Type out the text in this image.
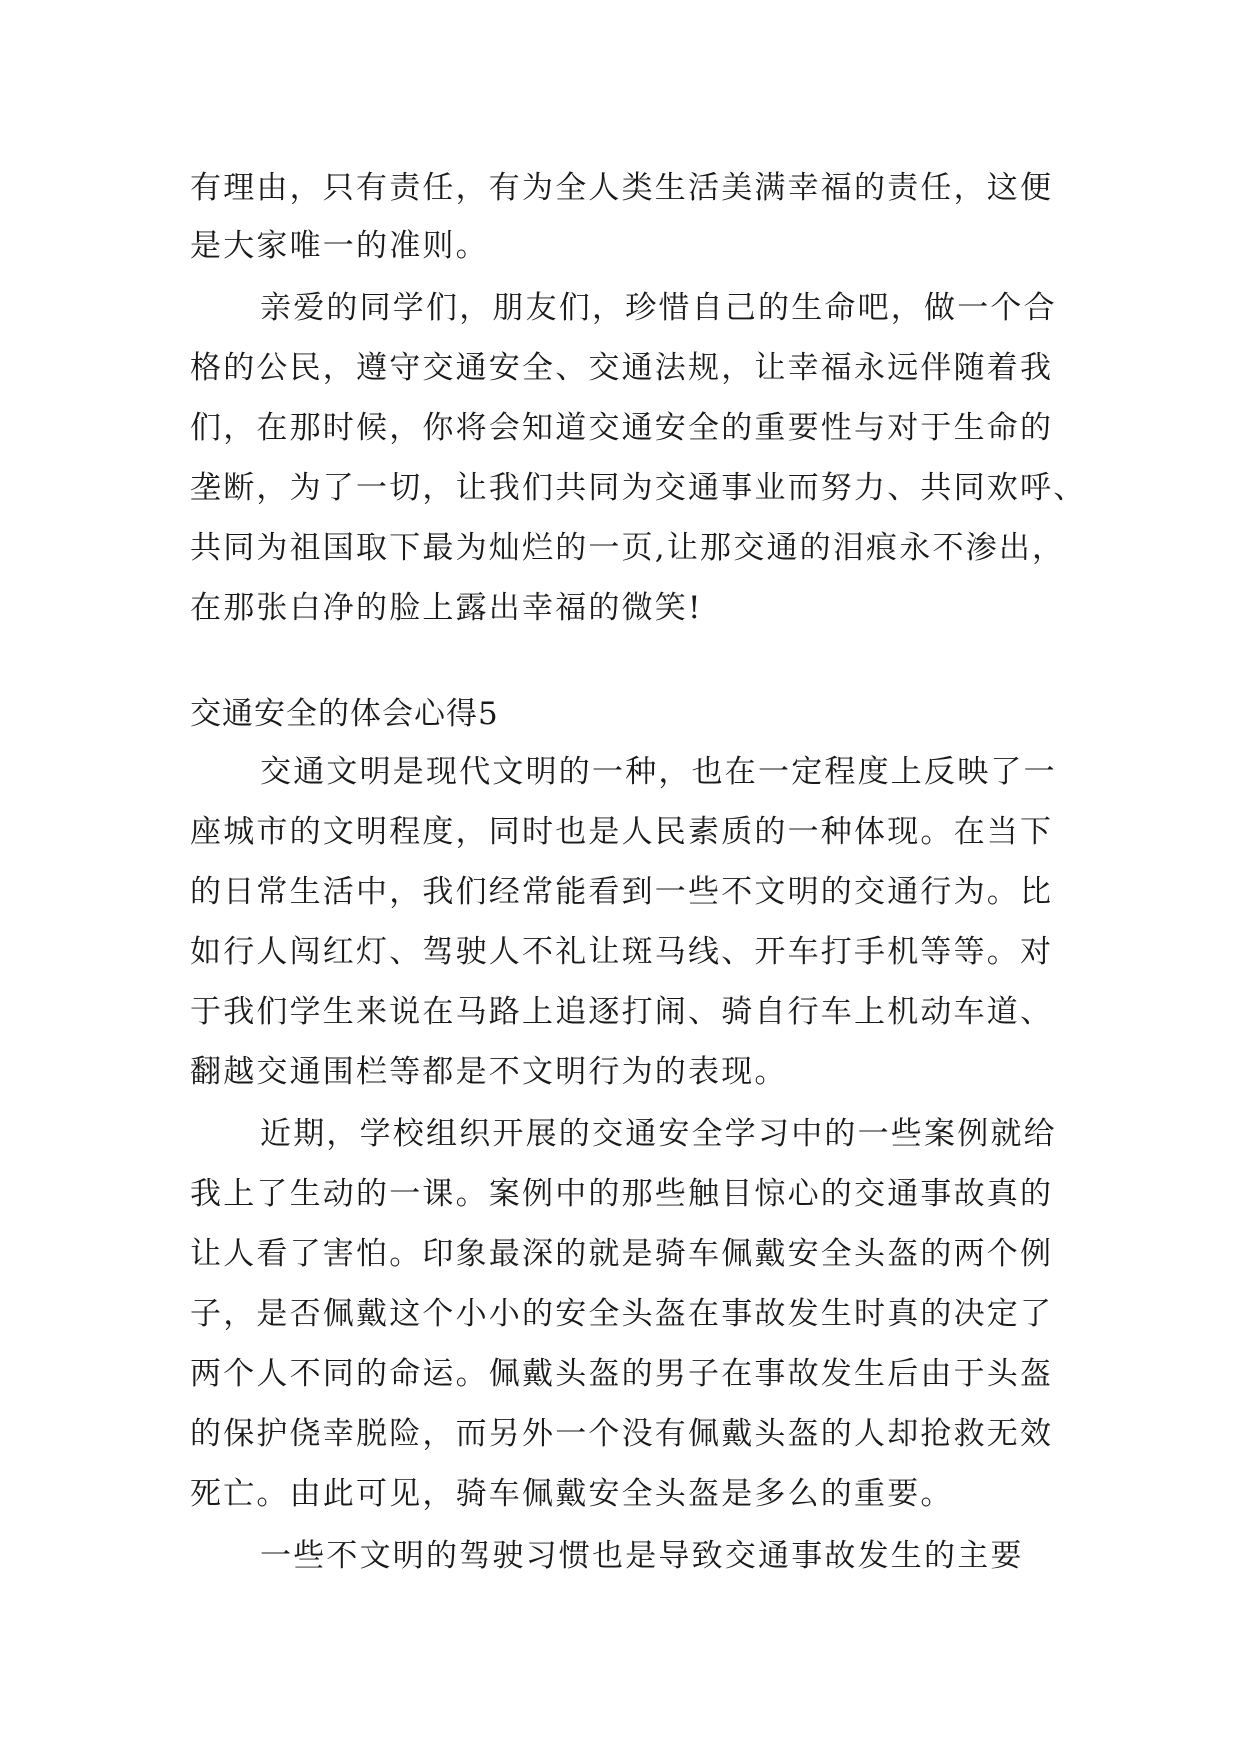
有理由，只有责任，有为全人类生活美满幸福的责任，这便
是大家唯一的准则。
亲爱的同学们，朋友们，珍惜自己的生命吧，做一个合
格的公民，遵守交通安全、交通法规，让幸福永远伴随着我
们，在那时候，你将会知道交通安全的重要性与对于生命的
垄断，为了一切，让我们共同为交通事业而努力、共同欢呼、
共同为祖国取下最为灿烂的一页,让那交通的泪痕永不渗出，
在那张白净的脸上露出幸福的微笑!
交通安全的体会心得5
交通文明是现代文明的一种，也在一定程度上反映了一
座城市的文明程度，同时也是人民素质的一种体现。在当下
的日常生活中，我们经常能看到一些不文明的交通行为。比
如行人闯红灯、驾驶人不礼让斑马线、开车打手机等等。对
于我们学生来说在马路上追逐打闹、骑自行车上机动车道、
翻越交通围栏等都是不文明行为的表现。
近期，学校组织开展的交通安全学习中的一些案例就给
我上了生动的一课。案例中的那些触目惊心的交通事故真的
让人看了害怕。印象最深的就是骑车佩戴安全头盔的两个例
子，是否佩戴这个小小的安全头盔在事故发生时真的决定了
两个人不同的命运。佩戴头盔的男子在事故发生后由于头盔
的保护侥幸脱险，而另外一个没有佩戴头盔的人却抢救无效
死亡。由此可见，骑车佩戴安全头盔是多么的重要。
一些不文明的驾驶习惯也是导致交通事故发生的主要
